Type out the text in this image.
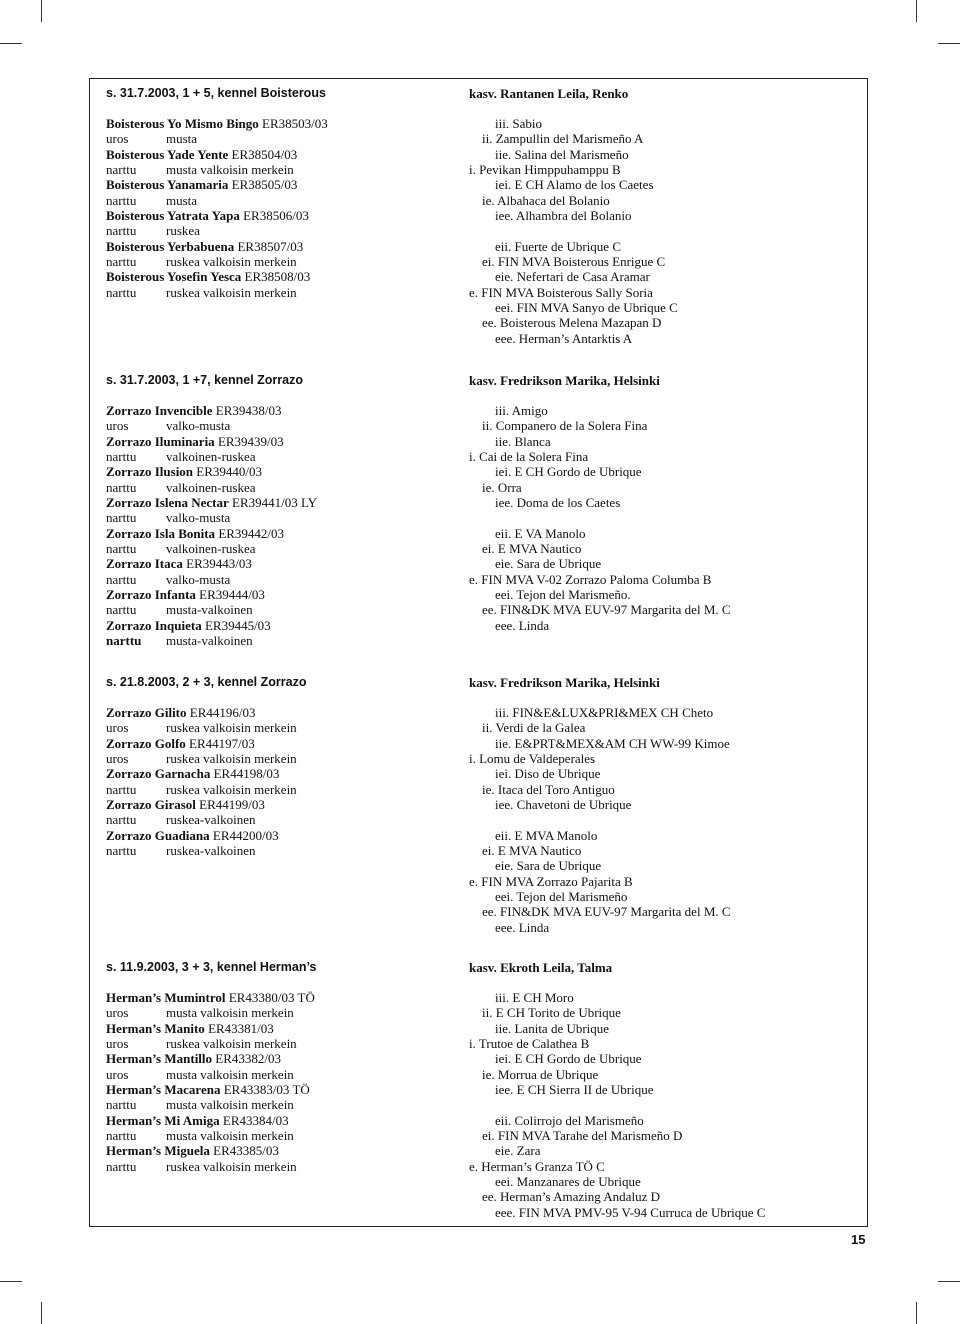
s. 31.7.2003, 1 + 5, kennel Boisterous
Boisterous Yo Mismo Bingo ER38503/03
uros	musta
Boisterous Yade Yente ER38504/03
narttu musta valkoisin merkein
Boisterous Yanamaria ER38505/03
narttu musta
Boisterous Yatrata Yapa ER38506/03
narttu ruskea
Boisterous Yerbabuena ER38507/03
narttu ruskea valkoisin merkein
Boisterous Yosefin Yesca ER38508/03
narttu ruskea valkoisin merkein
kasv. Rantanen Leila, Renko
iii. Sabio
ii. Zampullin del Marismeño A
iie. Salina del Marismeño
i. Pevikan Himppuhamppu B
iei. E CH Alamo de los Caetes
ie. Albahaca del Bolanio
iee. Alhambra del Bolanio
eii. Fuerte de Ubrique C
ei. FIN MVA Boisterous Enrigue C
eie. Nefertari de Casa Aramar
e. FIN MVA Boisterous Sally Soria
eei. FIN MVA Sanyo de Ubrique C
ee. Boisterous Melena Mazapan D
eee. Herman’s Antarktis A
s. 31.7.2003, 1 +7, kennel Zorrazo
Zorrazo Invencible ER39438/03
uros	valko-musta
Zorrazo Iluminaria ER39439/03
narttu valkoinen-ruskea
Zorrazo Ilusion ER39440/03
narttu valkoinen-ruskea
Zorrazo Islena Nectar ER39441/03 LY
narttu valko-musta
Zorrazo Isla Bonita ER39442/03
narttu valkoinen-ruskea
Zorrazo Itaca ER39443/03
narttu valko-musta
Zorrazo Infanta ER39444/03
narttu musta-valkoinen
Zorrazo Inquieta ER39445/03
narttu musta-valkoinen
kasv. Fredrikson Marika, Helsinki
iii. Amigo
ii. Companero de la Solera Fina
iie. Blanca
i. Cai de la Solera Fina
iei. E CH Gordo de Ubrique
ie. Orra
iee. Doma de los Caetes
eii. E VA Manolo
ei. E MVA Nautico
eie. Sara de Ubrique
e. FIN MVA V-02 Zorrazo Paloma Columba B
eei. Tejon del Marismeño.
ee. FIN&DK MVA EUV-97 Margarita del M. C
eee. Linda
s. 21.8.2003, 2 + 3, kennel Zorrazo
Zorrazo Gilito ER44196/03
uros	ruskea valkoisin merkein
Zorrazo Golfo ER44197/03
uros	ruskea valkoisin merkein
Zorrazo Garnacha ER44198/03
narttu ruskea valkoisin merkein
Zorrazo Girasol ER44199/03
narttu ruskea-valkoinen
Zorrazo Guadiana ER44200/03
narttu ruskea-valkoinen
kasv. Fredrikson Marika, Helsinki
iii. FIN&E&LUX&PRI&MEX CH Cheto
ii. Verdi de la Galea
iie. E&PRT&MEX&AM CH WW-99 Kimoe
i. Lomu de Valdeperales
iei. Diso de Ubrique
ie. Itaca del Toro Antiguo
iee. Chavetoni de Ubrique
eii. E MVA Manolo
ei. E MVA Nautico
eie. Sara de Ubrique
e. FIN MVA Zorrazo Pajarita B
eei. Tejon del Marismeño
ee. FIN&DK MVA EUV-97 Margarita del M. C
eee. Linda
s. 11.9.2003, 3 + 3, kennel Herman’s
Herman’s Mumintrol ER43380/03 TÖ
uros	musta valkoisin merkein
Herman’s Manito ER43381/03
uros	ruskea valkoisin merkein
Herman’s Mantillo ER43382/03
uros	musta valkoisin merkein
Herman’s Macarena ER43383/03 TÖ
narttu musta valkoisin merkein
Herman’s Mi Amiga ER43384/03
narttu musta valkoisin merkein
Herman’s Miguela ER43385/03
narttu ruskea valkoisin merkein
kasv. Ekroth Leila, Talma
iii. E CH Moro
ii. E CH Torito de Ubrique
iie. Lanita de Ubrique
i. Trutoe de Calathea B
iei. E CH Gordo de Ubrique
ie. Morrua de Ubrique
iee. E CH Sierra II de Ubrique
eii. Colirrojo del Marismeño
ei. FIN MVA Tarahe del Marismeño D
eie. Zara
e. Herman’s Granza TÖ C
eei. Manzanares de Ubrique
ee. Herman’s Amazing Andaluz D
eee. FIN MVA PMV-95 V-94 Curruca de Ubrique C
15
